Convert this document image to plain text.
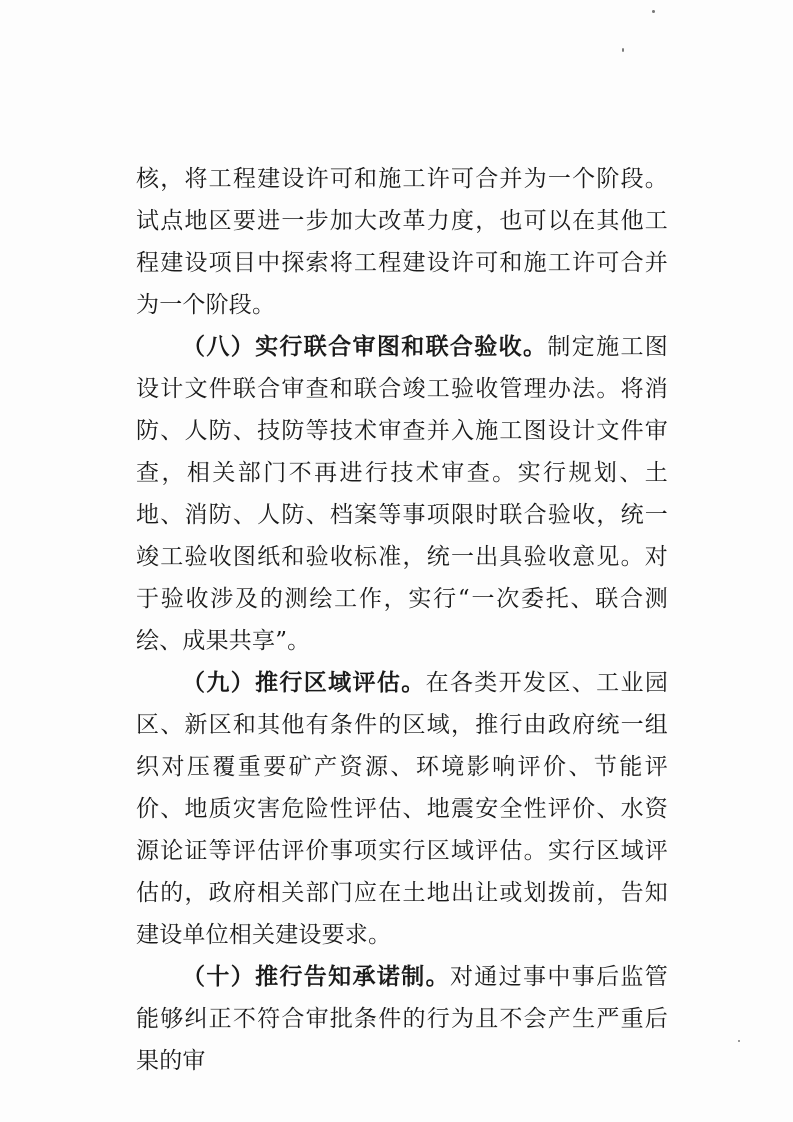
核，将工程建设许可和施工许可合并为一个阶段。试点地区要进一步加大改革力度，也可以在其他工程建设项目中探索将工程建设许可和施工许可合并为一个阶段。

（八）实行联合审图和联合验收。制定施工图设计文件联合审查和联合竣工验收管理办法。将消防、人防、技防等技术审查并入施工图设计文件审查，相关部门不再进行技术审查。实行规划、土地、消防、人防、档案等事项限时联合验收，统一竣工验收图纸和验收标准，统一出具验收意见。对于验收涉及的测绘工作，实行“一次委托、联合测绘、成果共享”。

（九）推行区域评估。在各类开发区、工业园区、新区和其他有条件的区域，推行由政府统一组织对压覆重要矿产资源、环境影响评价、节能评价、地质灾害危险性评估、地震安全性评价、水资源论证等评估评价事项实行区域评估。实行区域评估的，政府相关部门应在土地出让或划拨前，告知建设单位相关建设要求。

（十）推行告知承诺制。对通过事中事后监管能够纠正不符合审批条件的行为且不会产生严重后果的审
